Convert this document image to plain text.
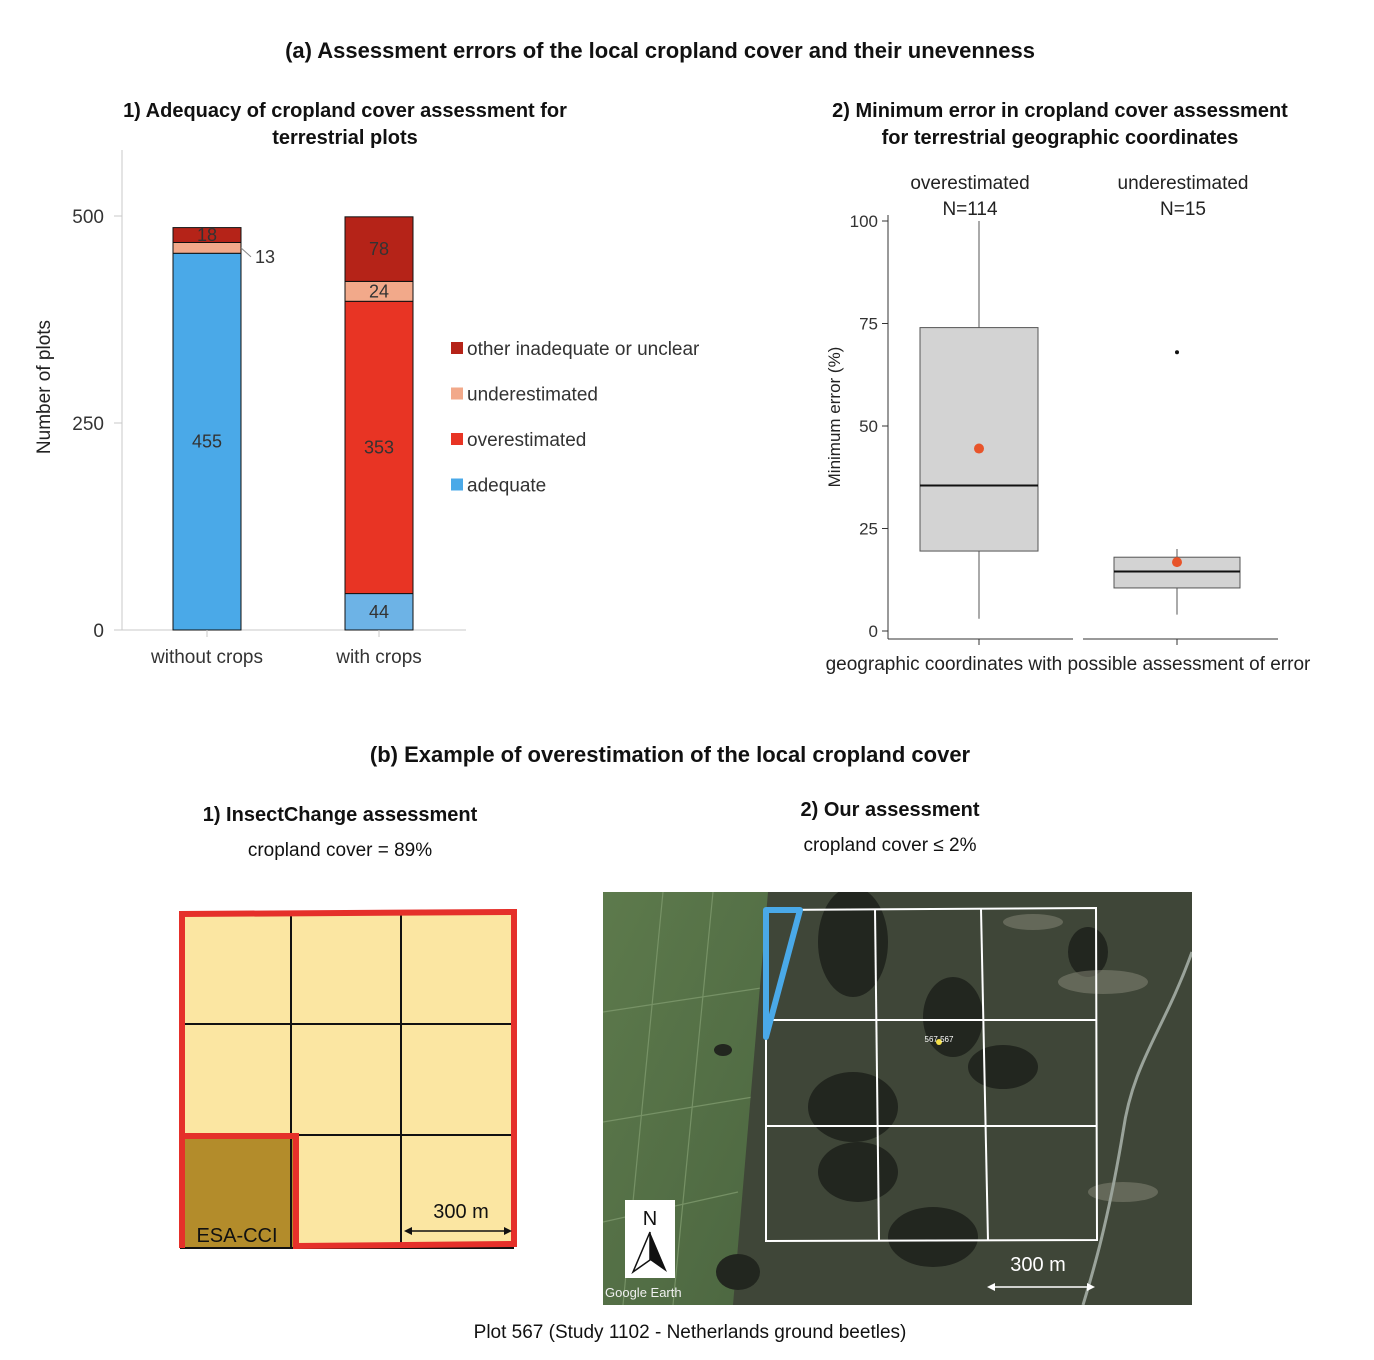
(a) Assessment errors of the local cropland cover and their unevenness
1) Adequacy of cropland cover assessment for
terrestrial plots
2) Minimum error in cropland cover assessment
for terrestrial geographic coordinates
0
250
500
455
13
18
44
353
24
78
without crops	with crops
other inadequate or unclear
underestimated
overestimated
adequate
Number of plots
0
25
50
75
100
overestimated
N=114
underestimated
N=15
Minimum error (%)
geographic coordinates with possible assessment of error
(b) Example of overestimation of the local cropland cover
1) InsectChange assessment
cropland cover = 89%
2) Our assessment
cropland cover ≤ 2%
ESA-CCI
300 m
567 567
N
300 m
Google Earth
Plot 567 (Study 1102 - Netherlands ground beetles)
